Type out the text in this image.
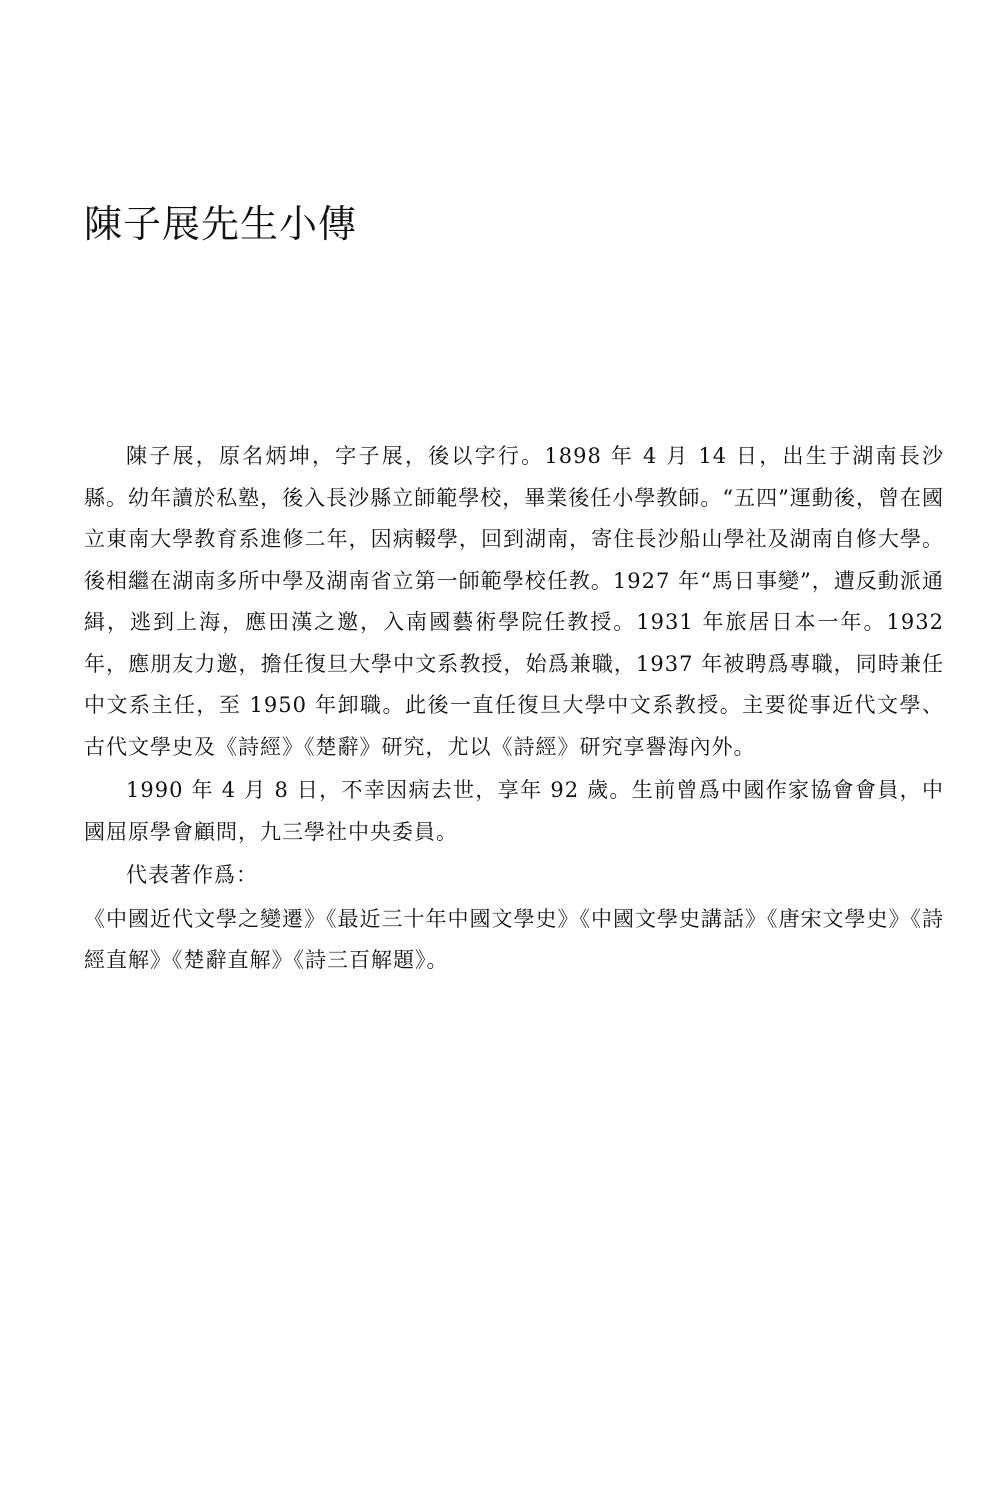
陳子展先生小傳

陳子展，原名炳坤，字子展，後以字行。1898 年 4 月 14 日，出生于湖南長沙縣。幼年讀於私塾，後入長沙縣立師範學校，畢業後任小學教師。“五四”運動後，曾在國立東南大學教育系進修二年，因病輟學，回到湖南，寄住長沙船山學社及湖南自修大學。後相繼在湖南多所中學及湖南省立第一師範學校任教。1927 年“馬日事變”，遭反動派通緝，逃到上海，應田漢之邀，入南國藝術學院任教授。1931 年旅居日本一年。1932 年，應朋友力邀，擔任復旦大學中文系教授，始爲兼職，1937 年被聘爲專職，同時兼任中文系主任，至 1950 年卸職。此後一直任復旦大學中文系教授。主要從事近代文學、古代文學史及《詩經》《楚辭》研究，尤以《詩經》研究享譽海內外。

1990 年 4 月 8 日，不幸因病去世，享年 92 歲。生前曾爲中國作家協會會員，中國屈原學會顧問，九三學社中央委員。

代表著作爲：

《中國近代文學之變遷》《最近三十年中國文學史》《中國文學史講話》《唐宋文學史》《詩經直解》《楚辭直解》《詩三百解題》。
